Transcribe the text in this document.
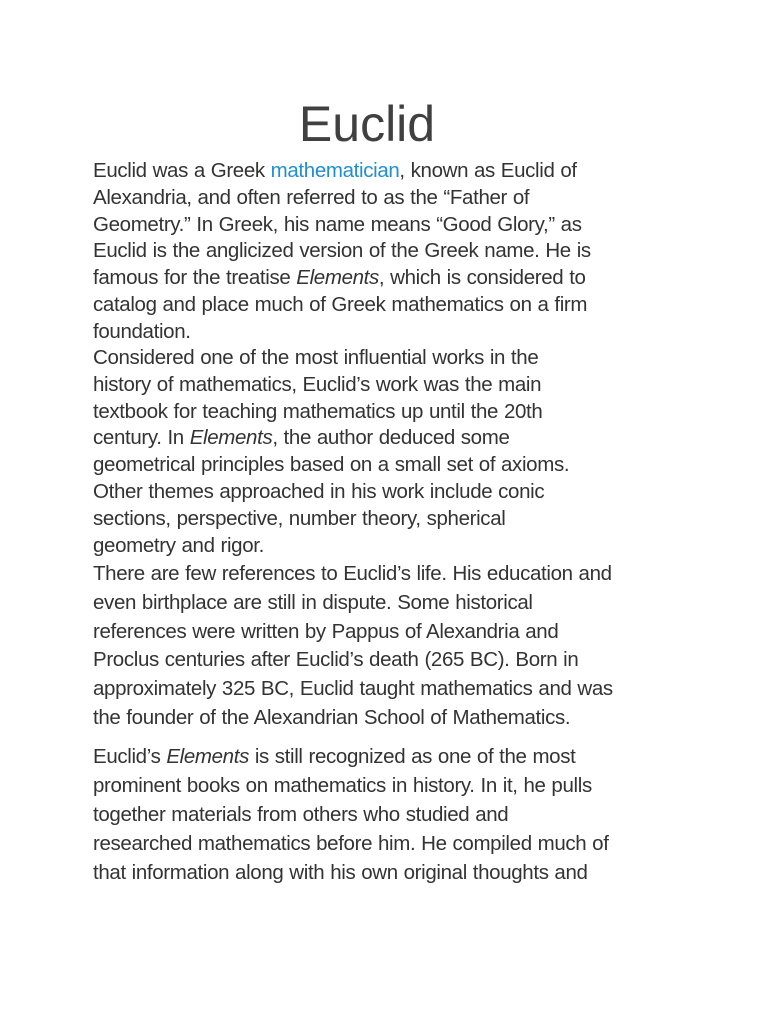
Euclid
Euclid was a Greek mathematician, known as Euclid of
Alexandria, and often referred to as the “Father of
Geometry.” In Greek, his name means “Good Glory,” as
Euclid is the anglicized version of the Greek name. He is
famous for the treatise Elements, which is considered to
catalog and place much of Greek mathematics on a firm
foundation.
Considered one of the most influential works in the
history of mathematics, Euclid’s work was the main
textbook for teaching mathematics up until the 20th
century. In Elements, the author deduced some
geometrical principles based on a small set of axioms.
Other themes approached in his work include conic
sections, perspective, number theory, spherical
geometry and rigor.
There are few references to Euclid’s life. His education and
even birthplace are still in dispute. Some historical
references were written by Pappus of Alexandria and
Proclus centuries after Euclid’s death (265 BC). Born in
approximately 325 BC, Euclid taught mathematics and was
the founder of the Alexandrian School of Mathematics.
Euclid’s Elements is still recognized as one of the most
prominent books on mathematics in history. In it, he pulls
together materials from others who studied and
researched mathematics before him. He compiled much of
that information along with his own original thoughts and
